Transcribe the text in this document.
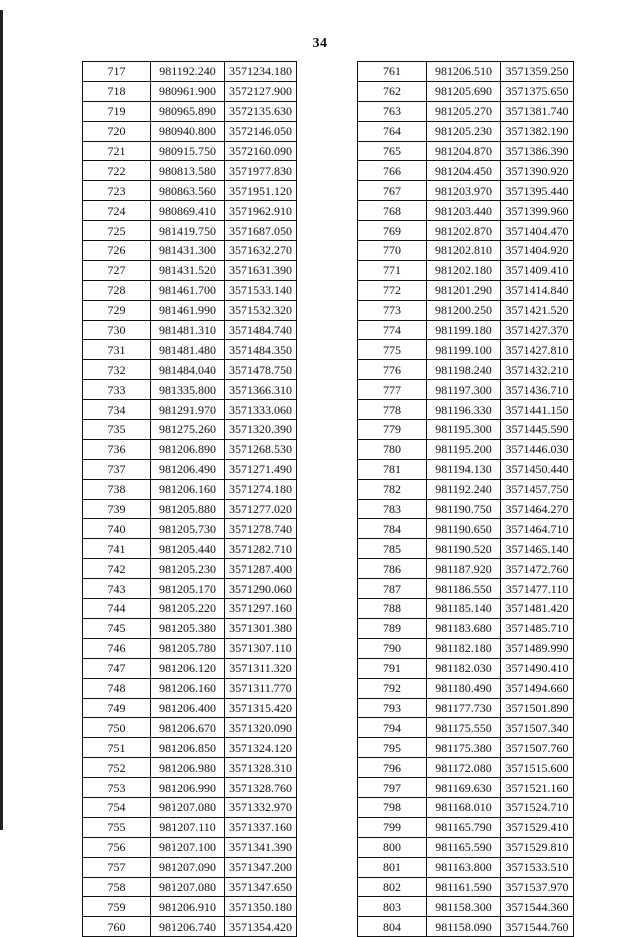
34
717	981192.240	3571234.180
718	980961.900	3572127.900
719	980965.890	3572135.630
720	980940.800	3572146.050
721	980915.750	3572160.090
722	980813.580	3571977.830
723	980863.560	3571951.120
724	980869.410	3571962.910
725	981419.750	3571687.050
726	981431.300	3571632.270
727	981431.520	3571631.390
728	981461.700	3571533.140
729	981461.990	3571532.320
730	981481.310	3571484.740
731	981481.480	3571484.350
732	981484.040	3571478.750
733	981335.800	3571366.310
734	981291.970	3571333.060
735	981275.260	3571320.390
736	981206.890	3571268.530
737	981206.490	3571271.490
738	981206.160	3571274.180
739	981205.880	3571277.020
740	981205.730	3571278.740
741	981205.440	3571282.710
742	981205.230	3571287.400
743	981205.170	3571290.060
744	981205.220	3571297.160
745	981205.380	3571301.380
746	981205.780	3571307.110
747	981206.120	3571311.320
748	981206.160	3571311.770
749	981206.400	3571315.420
750	981206.670	3571320.090
751	981206.850	3571324.120
752	981206.980	3571328.310
753	981206.990	3571328.760
754	981207.080	3571332.970
755	981207.110	3571337.160
756	981207.100	3571341.390
757	981207.090	3571347.200
758	981207.080	3571347.650
759	981206.910	3571350.180
760	981206.740	3571354.420
761	981206.510	3571359.250
762	981205.690	3571375.650
763	981205.270	3571381.740
764	981205.230	3571382.190
765	981204.870	3571386.390
766	981204.450	3571390.920
767	981203.970	3571395.440
768	981203.440	3571399.960
769	981202.870	3571404.470
770	981202.810	3571404.920
771	981202.180	3571409.410
772	981201.290	3571414.840
773	981200.250	3571421.520
774	981199.180	3571427.370
775	981199.100	3571427.810
776	981198.240	3571432.210
777	981197.300	3571436.710
778	981196.330	3571441.150
779	981195.300	3571445.590
780	981195.200	3571446.030
781	981194.130	3571450.440
782	981192.240	3571457.750
783	981190.750	3571464.270
784	981190.650	3571464.710
785	981190.520	3571465.140
786	981187.920	3571472.760
787	981186.550	3571477.110
788	981185.140	3571481.420
789	981183.680	3571485.710
790	981182.180	3571489.990
791	981182.030	3571490.410
792	981180.490	3571494.660
793	981177.730	3571501.890
794	981175.550	3571507.340
795	981175.380	3571507.760
796	981172.080	3571515.600
797	981169.630	3571521.160
798	981168.010	3571524.710
799	981165.790	3571529.410
800	981165.590	3571529.810
801	981163.800	3571533.510
802	981161.590	3571537.970
803	981158.300	3571544.360
804	981158.090	3571544.760
